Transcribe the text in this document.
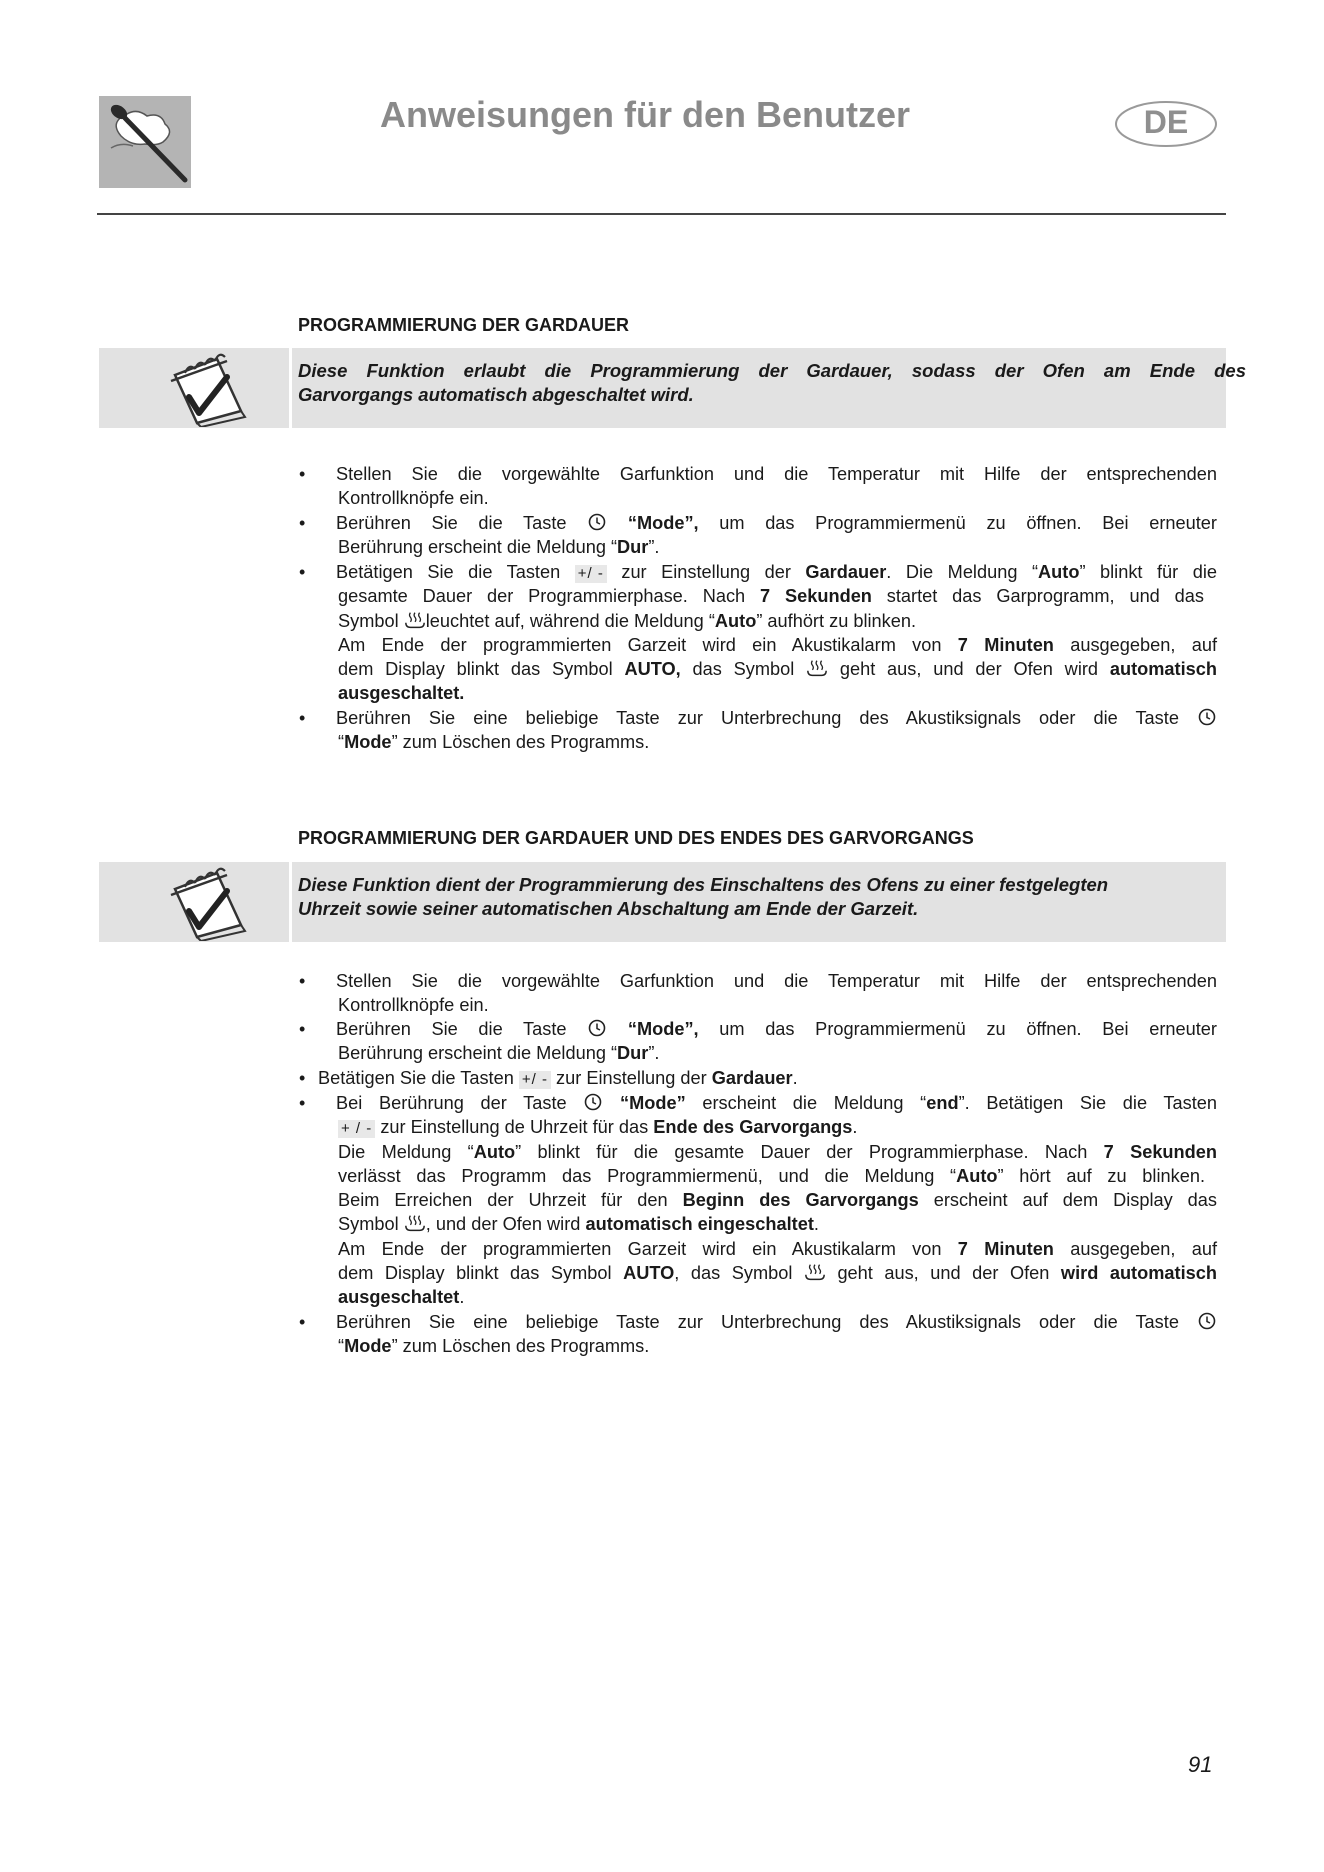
Anweisungen für den Benutzer	DE
PROGRAMMIERUNG DER GARDAUER
Diese Funktion erlaubt die Programmierung der Gardauer, sodass der Ofen am Ende des
Garvorgangs automatisch abgeschaltet wird.
• Stellen Sie die vorgewählte Garfunktion und die Temperatur mit Hilfe der entsprechenden
Kontrollknöpfe ein.
• Berühren Sie die Taste	“Mode”, um das Programmiermenü zu öffnen. Bei erneuter
Berührung erscheint die Meldung “Dur”.
• Betätigen Sie die Tasten +/ - zur Einstellung der Gardauer. Die Meldung “Auto” blinkt für die
gesamte Dauer der Programmierphase. Nach 7 Sekunden startet das Garprogramm, und das
Symbol leuchtet auf, während die Meldung “Auto” aufhört zu blinken.
Am Ende der programmierten Garzeit wird ein Akustikalarm von 7 Minuten ausgegeben, auf
dem Display blinkt das Symbol AUTO, das Symbol	geht aus, und der Ofen wird automatisch
ausgeschaltet.
• Berühren Sie eine beliebige Taste zur Unterbrechung des Akustiksignals oder die Taste
“Mode” zum Löschen des Programms.
PROGRAMMIERUNG DER GARDAUER UND DES ENDES DES GARVORGANGS
Diese Funktion dient der Programmierung des Einschaltens des Ofens zu einer festgelegten
Uhrzeit sowie seiner automatischen Abschaltung am Ende der Garzeit.
• Stellen Sie die vorgewählte Garfunktion und die Temperatur mit Hilfe der entsprechenden
Kontrollknöpfe ein.
• Berühren Sie die Taste	“Mode”, um das Programmiermenü zu öffnen. Bei erneuter
Berührung erscheint die Meldung “Dur”.
• Betätigen Sie die Tasten +/ - zur Einstellung der Gardauer.
• Bei Berührung der Taste	“Mode” erscheint die Meldung “end”. Betätigen Sie die Tasten
+ / - zur Einstellung de Uhrzeit für das Ende des Garvorgangs.
Die Meldung “Auto” blinkt für die gesamte Dauer der Programmierphase. Nach 7 Sekunden
verlässt das Programm das Programmiermenü, und die Meldung “Auto” hört auf zu blinken.
Beim Erreichen der Uhrzeit für den Beginn des Garvorgangs erscheint auf dem Display das
Symbol , und der Ofen wird automatisch eingeschaltet.
Am Ende der programmierten Garzeit wird ein Akustikalarm von 7 Minuten ausgegeben, auf
dem Display blinkt das Symbol AUTO, das Symbol geht aus, und der Ofen wird automatisch
ausgeschaltet.
• Berühren Sie eine beliebige Taste zur Unterbrechung des Akustiksignals oder die Taste
“Mode” zum Löschen des Programms.
91
